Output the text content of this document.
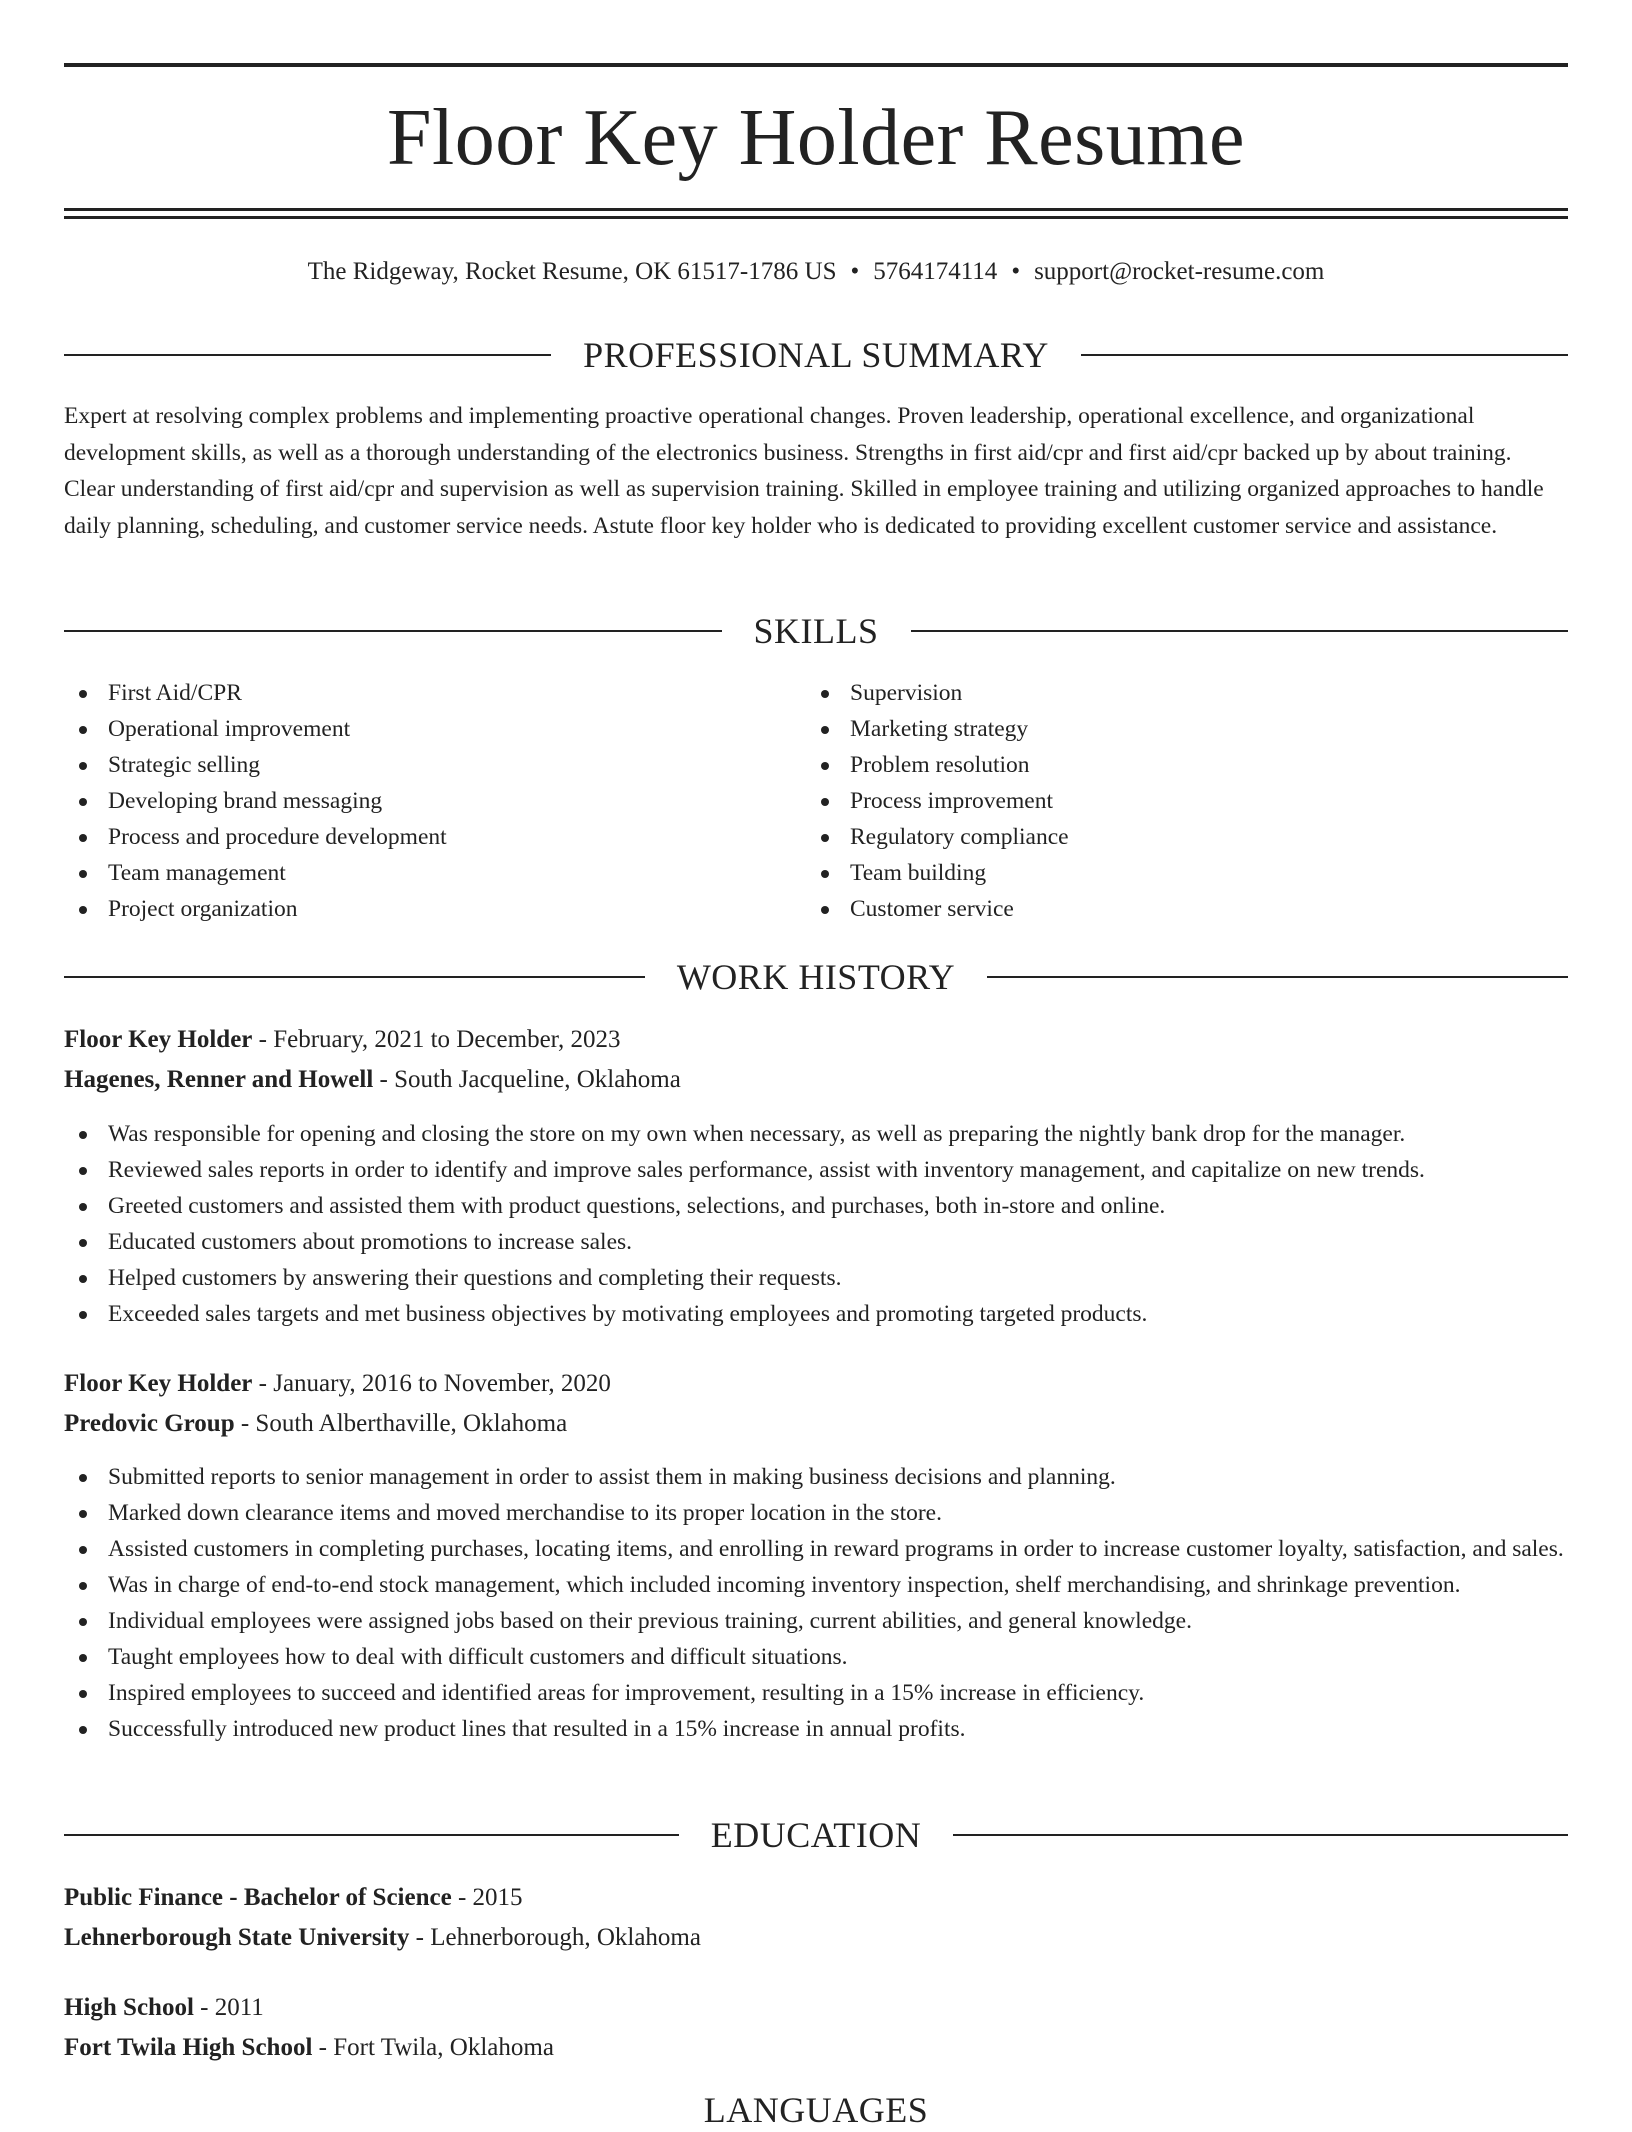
Floor Key Holder Resume
The Ridgeway, Rocket Resume, OK 61517-1786 US • 5764174114 • support@rocket-resume.com
PROFESSIONAL SUMMARY
Expert at resolving complex problems and implementing proactive operational changes. Proven leadership, operational excellence, and organizational development skills, as well as a thorough understanding of the electronics business. Strengths in first aid/cpr and first aid/cpr backed up by about training. Clear understanding of first aid/cpr and supervision as well as supervision training. Skilled in employee training and utilizing organized approaches to handle daily planning, scheduling, and customer service needs. Astute floor key holder who is dedicated to providing excellent customer service and assistance.
SKILLS
First Aid/CPR
Operational improvement
Strategic selling
Developing brand messaging
Process and procedure development
Team management
Project organization
Supervision
Marketing strategy
Problem resolution
Process improvement
Regulatory compliance
Team building
Customer service
WORK HISTORY
Floor Key Holder - February, 2021 to December, 2023
Hagenes, Renner and Howell - South Jacqueline, Oklahoma
Was responsible for opening and closing the store on my own when necessary, as well as preparing the nightly bank drop for the manager.
Reviewed sales reports in order to identify and improve sales performance, assist with inventory management, and capitalize on new trends.
Greeted customers and assisted them with product questions, selections, and purchases, both in-store and online.
Educated customers about promotions to increase sales.
Helped customers by answering their questions and completing their requests.
Exceeded sales targets and met business objectives by motivating employees and promoting targeted products.
Floor Key Holder - January, 2016 to November, 2020
Predovic Group - South Alberthaville, Oklahoma
Submitted reports to senior management in order to assist them in making business decisions and planning.
Marked down clearance items and moved merchandise to its proper location in the store.
Assisted customers in completing purchases, locating items, and enrolling in reward programs in order to increase customer loyalty, satisfaction, and sales.
Was in charge of end-to-end stock management, which included incoming inventory inspection, shelf merchandising, and shrinkage prevention.
Individual employees were assigned jobs based on their previous training, current abilities, and general knowledge.
Taught employees how to deal with difficult customers and difficult situations.
Inspired employees to succeed and identified areas for improvement, resulting in a 15% increase in efficiency.
Successfully introduced new product lines that resulted in a 15% increase in annual profits.
EDUCATION
Public Finance - Bachelor of Science - 2015
Lehnerborough State University - Lehnerborough, Oklahoma
High School - 2011
Fort Twila High School - Fort Twila, Oklahoma
LANGUAGES
